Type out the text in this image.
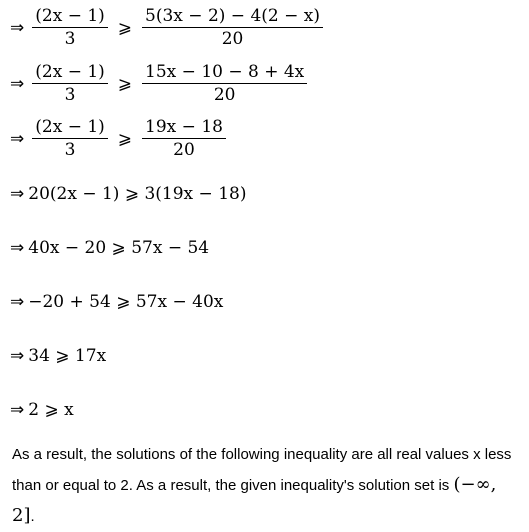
⇒ $\frac{(2x - 1)}{3}$ ⩾ $\frac{5(3x - 2) - 4(2 - x)}{20}$
⇒ $\frac{(2x - 1)}{3}$ ⩾ $\frac{15x - 10 - 8 + 4x}{20}$
⇒ $\frac{(2x - 1)}{3}$ ⩾ $\frac{19x - 18}{20}$
⇒ 20(2x − 1) ⩾ 3(19x − 18)
⇒ 40x − 20 ⩾ 57x − 54
⇒ −20 + 54 ⩾ 57x − 40x
⇒ 34 ⩾ 17x
⇒ 2 ⩾ x
As a result, the solutions of the following inequality are all real values x less
than or equal to 2. As a result, the given inequality's solution set is (−∞, 2].
